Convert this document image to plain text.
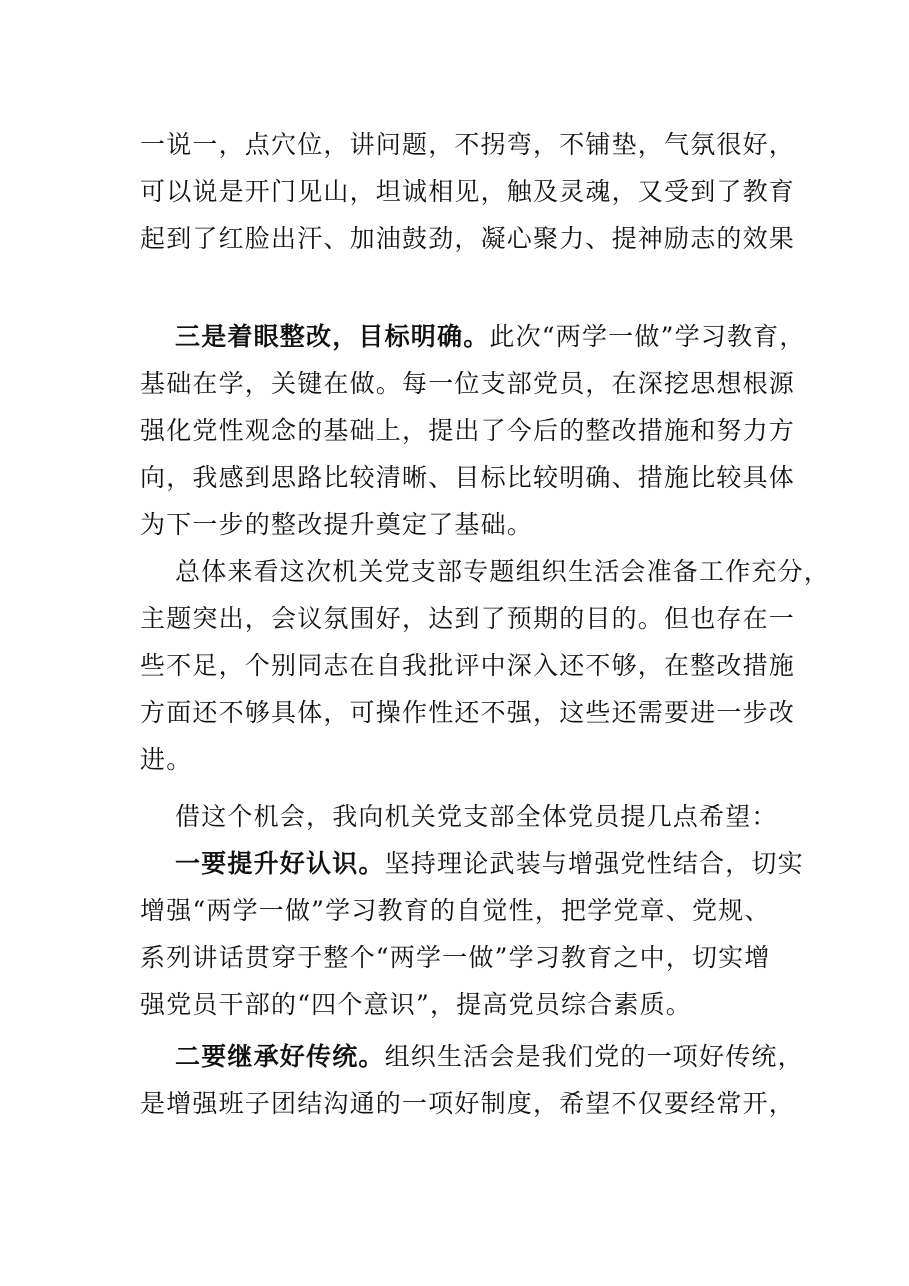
一说一，点穴位，讲问题，不拐弯，不铺垫，气氛很好，
可以说是开门见山，坦诚相见，触及灵魂，又受到了教育
起到了红脸出汗、加油鼓劲，凝心聚力、提神励志的效果
三是着眼整改，目标明确。此次“两学一做”学习教育，
基础在学，关键在做。每一位支部党员，在深挖思想根源
强化党性观念的基础上，提出了今后的整改措施和努力方
向，我感到思路比较清晰、目标比较明确、措施比较具体
为下一步的整改提升奠定了基础。
总体来看这次机关党支部专题组织生活会准备工作充分，
主题突出，会议氛围好，达到了预期的目的。但也存在一
些不足，个别同志在自我批评中深入还不够，在整改措施
方面还不够具体，可操作性还不强，这些还需要进一步改
进。
借这个机会，我向机关党支部全体党员提几点希望：
一要提升好认识。坚持理论武装与增强党性结合，切实
增强“两学一做”学习教育的自觉性，把学党章、党规、
系列讲话贯穿于整个“两学一做”学习教育之中，切实增
强党员干部的“四个意识”，提高党员综合素质。
二要继承好传统。组织生活会是我们党的一项好传统，
是增强班子团结沟通的一项好制度，希望不仅要经常开，
